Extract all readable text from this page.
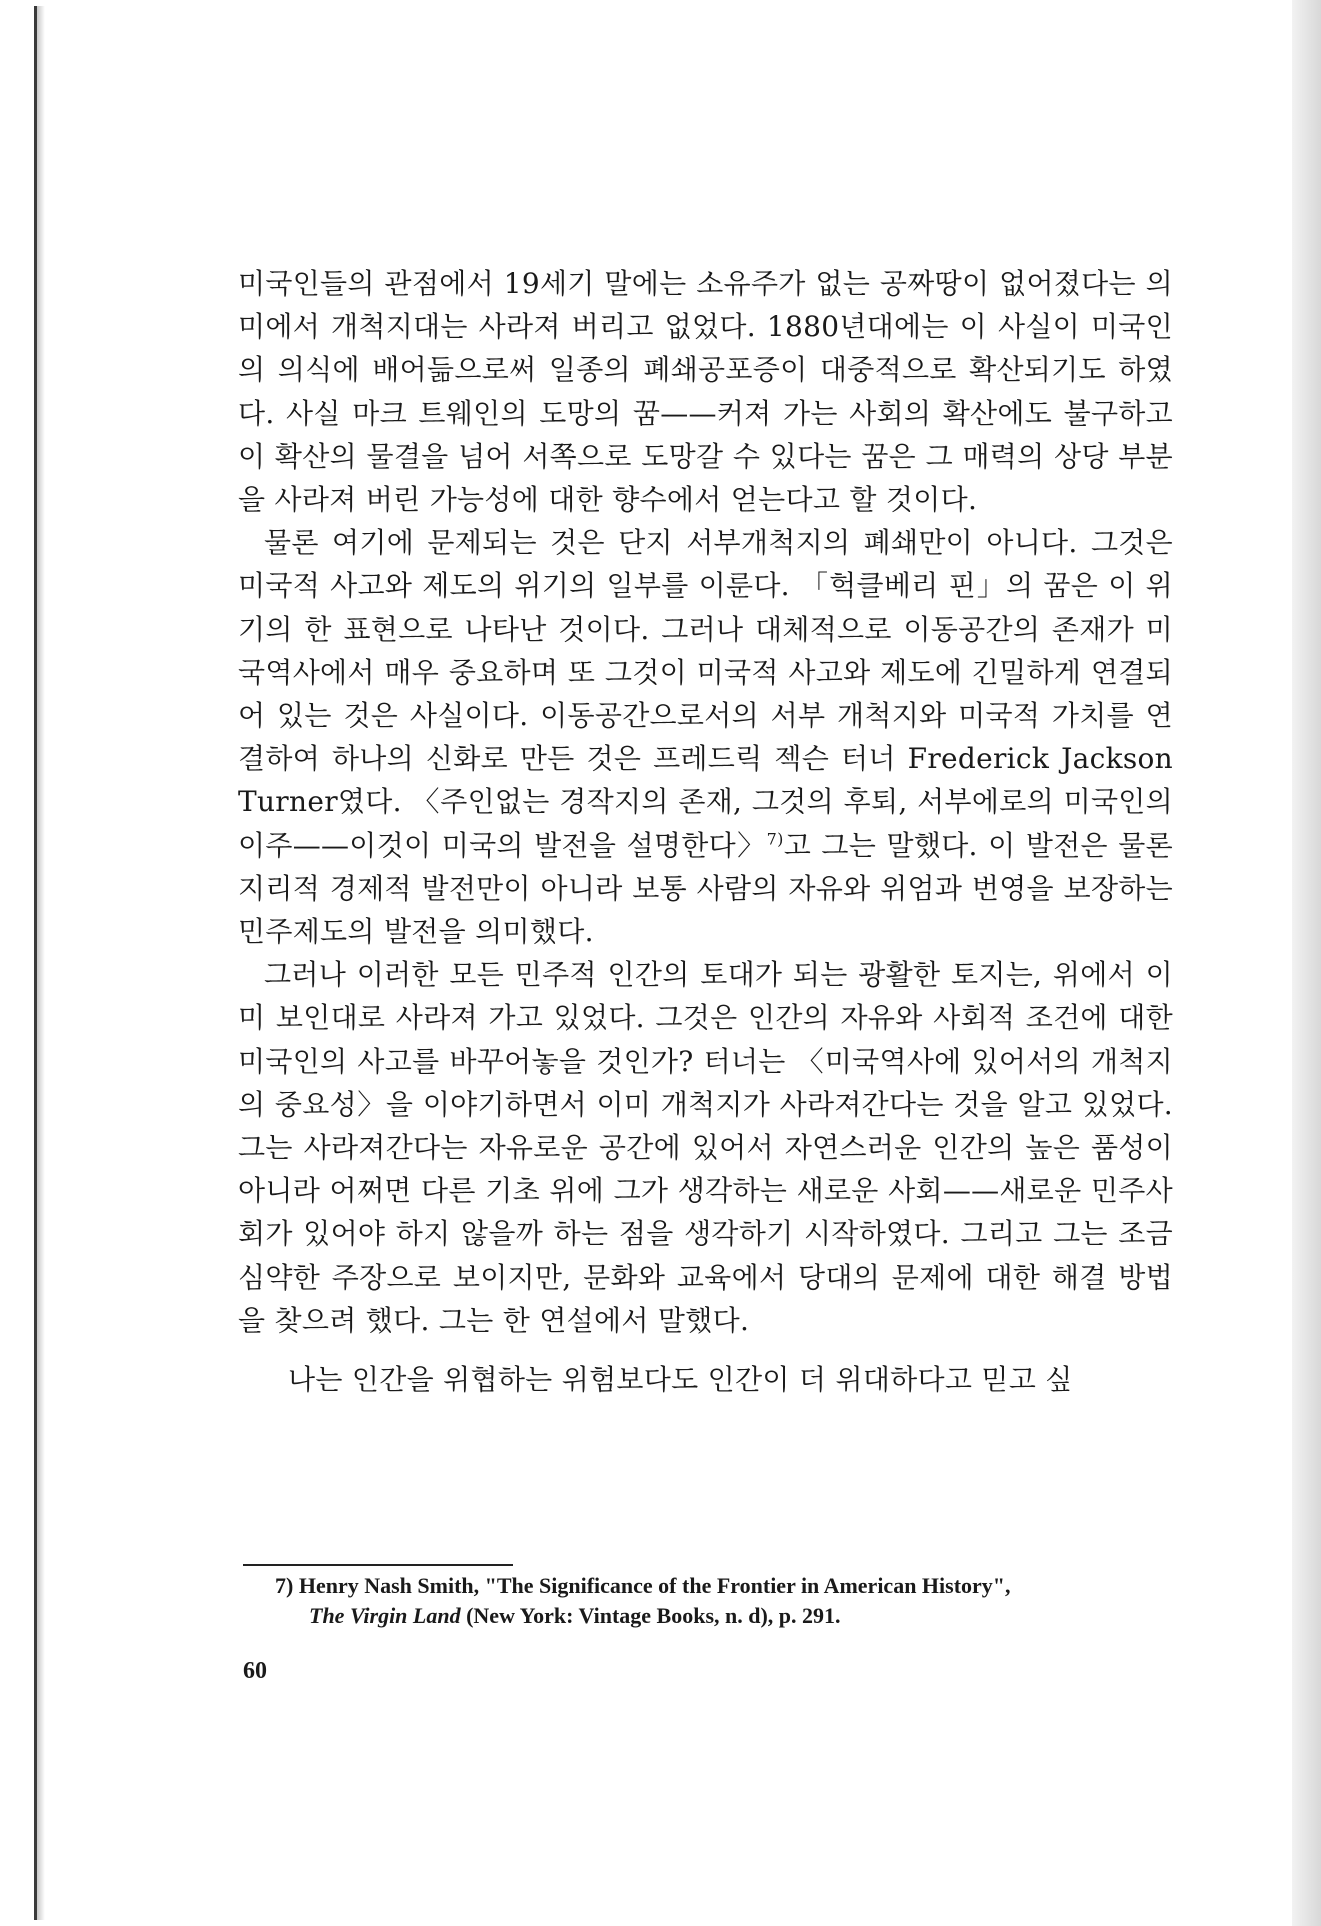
미국인들의 관점에서 19세기 말에는 소유주가 없는 공짜땅이 없어졌다는 의미에서 개척지대는 사라져 버리고 없었다. 1880년대에는 이 사실이 미국인의 의식에 배어듦으로써 일종의 폐쇄공포증이 대중적으로 확산되기도 하였다. 사실 마크 트웨인의 도망의 꿈——커져 가는 사회의 확산에도 불구하고 이 확산의 물결을 넘어 서쪽으로 도망갈 수 있다는 꿈은 그 매력의 상당 부분을 사라져 버린 가능성에 대한 향수에서 얻는다고 할 것이다.

물론 여기에 문제되는 것은 단지 서부개척지의 폐쇄만이 아니다. 그것은 미국적 사고와 제도의 위기의 일부를 이룬다. 「헉클베리 핀」의 꿈은 이 위기의 한 표현으로 나타난 것이다. 그러나 대체적으로 이동공간의 존재가 미국역사에서 매우 중요하며 또 그것이 미국적 사고와 제도에 긴밀하게 연결되어 있는 것은 사실이다. 이동공간으로서의 서부 개척지와 미국적 가치를 연결하여 하나의 신화로 만든 것은 프레드릭 젝슨 터너 Frederick Jackson Turner였다. 〈주인없는 경작지의 존재, 그것의 후퇴, 서부에로의 미국인의 이주——이것이 미국의 발전을 설명한다〉$^{7)}$고 그는 말했다. 이 발전은 물론 지리적 경제적 발전만이 아니라 보통 사람의 자유와 위엄과 번영을 보장하는 민주제도의 발전을 의미했다.

그러나 이러한 모든 민주적 인간의 토대가 되는 광활한 토지는, 위에서 이미 보인대로 사라져 가고 있었다. 그것은 인간의 자유와 사회적 조건에 대한 미국인의 사고를 바꾸어놓을 것인가? 터너는 〈미국역사에 있어서의 개척지의 중요성〉을 이야기하면서 이미 개척지가 사라져간다는 것을 알고 있었다. 그는 사라져간다는 자유로운 공간에 있어서 자연스러운 인간의 높은 품성이 아니라 어쩌면 다른 기초 위에 그가 생각하는 새로운 사회——새로운 민주사회가 있어야 하지 않을까 하는 점을 생각하기 시작하였다. 그리고 그는 조금 심약한 주장으로 보이지만, 문화와 교육에서 당대의 문제에 대한 해결 방법을 찾으려 했다. 그는 한 연설에서 말했다.

나는 인간을 위협하는 위험보다도 인간이 더 위대하다고 믿고 싶

7) Henry Nash Smith, "The Significance of the Frontier in American History",
The Virgin Land (New York: Vintage Books, n. d), p. 291.
60
